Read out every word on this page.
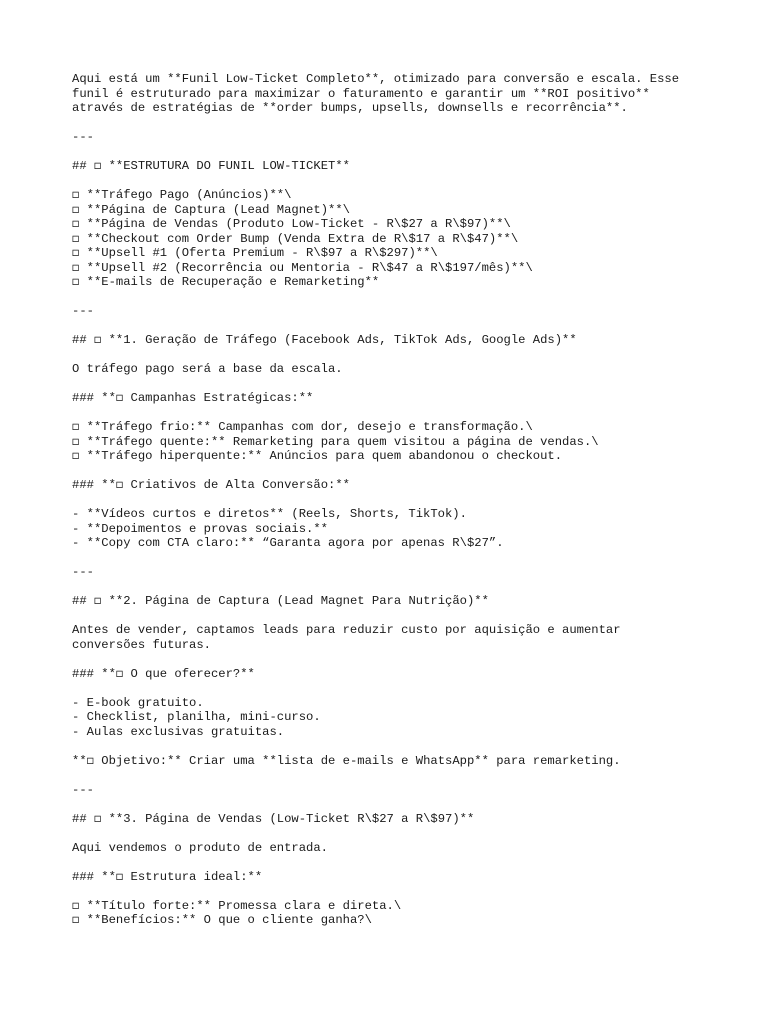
Aqui está um **Funil Low-Ticket Completo**, otimizado para conversão e escala. Esse
funil é estruturado para maximizar o faturamento e garantir um **ROI positivo**
através de estratégias de **order bumps, upsells, downsells e recorrência**.
---
## ◻ **ESTRUTURA DO FUNIL LOW-TICKET**
◻ **Tráfego Pago (Anúncios)**\
◻ **Página de Captura (Lead Magnet)**\
◻ **Página de Vendas (Produto Low-Ticket - R\$27 a R\$97)**\
◻ **Checkout com Order Bump (Venda Extra de R\$17 a R\$47)**\
◻ **Upsell #1 (Oferta Premium - R\$97 a R\$297)**\
◻ **Upsell #2 (Recorrência ou Mentoria - R\$47 a R\$197/mês)**\
◻ **E-mails de Recuperação e Remarketing**
---
## ◻ **1. Geração de Tráfego (Facebook Ads, TikTok Ads, Google Ads)**
O tráfego pago será a base da escala.
### **◻ Campanhas Estratégicas:**
◻ **Tráfego frio:** Campanhas com dor, desejo e transformação.\
◻ **Tráfego quente:** Remarketing para quem visitou a página de vendas.\
◻ **Tráfego hiperquente:** Anúncios para quem abandonou o checkout.
### **◻ Criativos de Alta Conversão:**
- **Vídeos curtos e diretos** (Reels, Shorts, TikTok).
- **Depoimentos e provas sociais.**
- **Copy com CTA claro:** “Garanta agora por apenas R\$27”.
---
## ◻ **2. Página de Captura (Lead Magnet Para Nutrição)**
Antes de vender, captamos leads para reduzir custo por aquisição e aumentar
conversões futuras.
### **◻ O que oferecer?**
- E-book gratuito.
- Checklist, planilha, mini-curso.
- Aulas exclusivas gratuitas.
**◻ Objetivo:** Criar uma **lista de e-mails e WhatsApp** para remarketing.
---
## ◻ **3. Página de Vendas (Low-Ticket R\$27 a R\$97)**
Aqui vendemos o produto de entrada.
### **◻ Estrutura ideal:**
◻ **Título forte:** Promessa clara e direta.\
◻ **Benefícios:** O que o cliente ganha?\
